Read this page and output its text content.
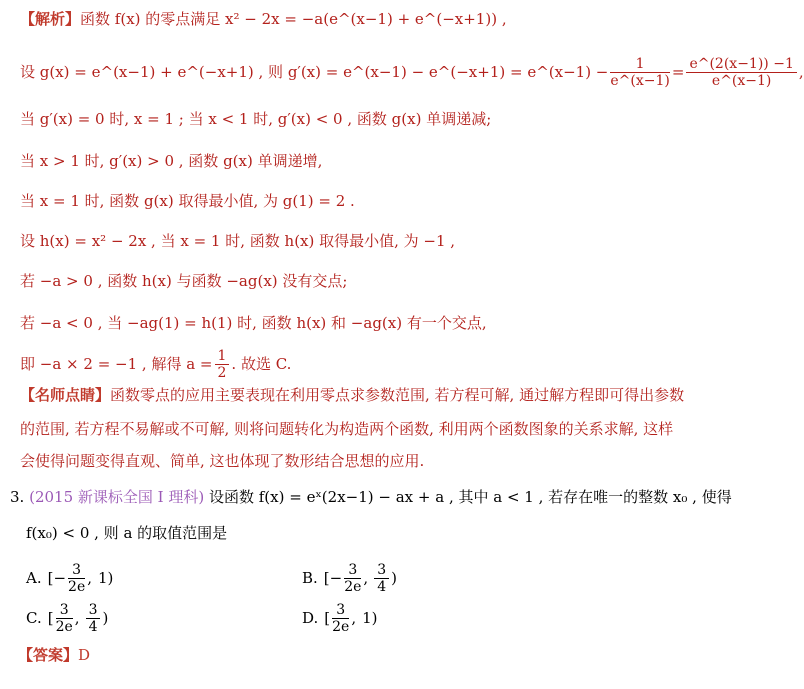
【解析】函数 f(x) 的零点满足 x² − 2x = −a(e^(x−1) + e^(−x+1)) ,
设 g(x) = e^(x−1) + e^(−x+1) , 则 g′(x) = e^(x−1) − e^(−x+1) = e^(x−1) − $\frac{1}{e\^{}(x-1)} = \frac{e\^{}(2(x-1)) -1}{e\^{}(x-1)}$ ,
当 g′(x) = 0 时, x = 1 ; 当 x < 1 时, g′(x) < 0 , 函数 g(x) 单调递减;
当 x > 1 时, g′(x) > 0 , 函数 g(x) 单调递增,
当 x = 1 时, 函数 g(x) 取得最小值, 为 g(1) = 2 .
设 h(x) = x² − 2x , 当 x = 1 时, 函数 h(x) 取得最小值, 为 −1 ,
若 −a > 0 , 函数 h(x) 与函数 −ag(x) 没有交点;
若 −a < 0 , 当 −ag(1) = h(1) 时, 函数 h(x) 和 −ag(x) 有一个交点,
即 −a × 2 = −1 , 解得 $a = \frac{1}{2}$ . 故选 C.
【名师点睛】函数零点的应用主要表现在利用零点求参数范围, 若方程可解, 通过解方程即可得出参数
的范围, 若方程不易解或不可解, 则将问题转化为构造两个函数, 利用两个函数图象的关系求解, 这样
会使得问题变得直观、简单, 这也体现了数形结合思想的应用.
3. (2015 新课标全国 I 理科) 设函数 f(x) = eˣ(2x−1) − ax + a , 其中 a < 1 , 若存在唯一的整数 x₀ , 使得
f(x₀) < 0 , 则 a 的取值范围是
A. [− $\frac{3}{2e}$ , 1)	B. [− $\frac{3}{2e}$ , $\frac{3}{4}$ )
C. [ $\frac{3}{2e}$ , $\frac{3}{4}$ )	D. [ $\frac{3}{2e}$ , 1)
【答案】D
